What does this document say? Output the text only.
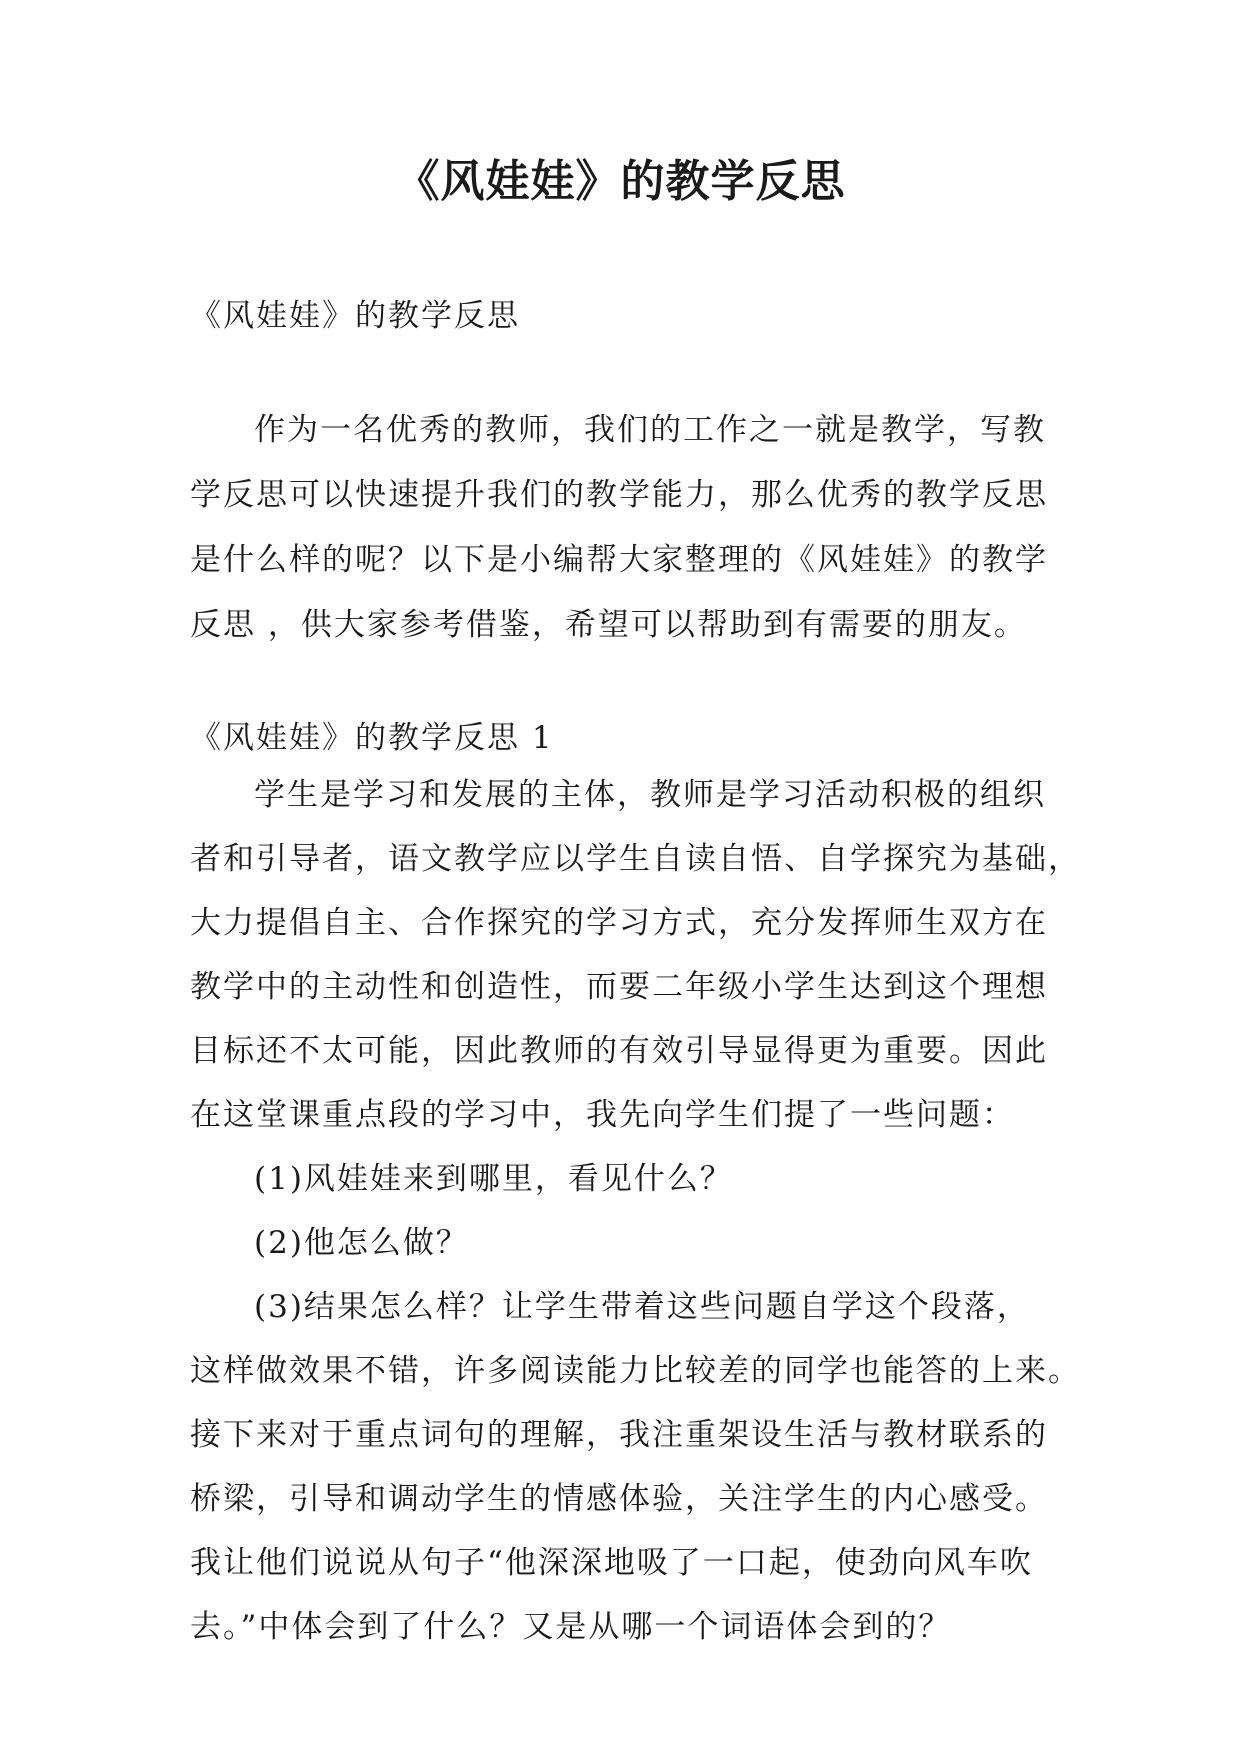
《风娃娃》的教学反思

《风娃娃》的教学反思

作为一名优秀的教师，我们的工作之一就是教学，写教

学反思可以快速提升我们的教学能力，那么优秀的教学反思

是什么样的呢？以下是小编帮大家整理的《风娃娃》的教学

反思 ，供大家参考借鉴，希望可以帮助到有需要的朋友。

《风娃娃》的教学反思 1

学生是学习和发展的主体，教师是学习活动积极的组织

者和引导者，语文教学应以学生自读自悟、自学探究为基础，

大力提倡自主、合作探究的学习方式，充分发挥师生双方在

教学中的主动性和创造性，而要二年级小学生达到这个理想

目标还不太可能，因此教师的有效引导显得更为重要。因此

在这堂课重点段的学习中，我先向学生们提了一些问题：

(1)风娃娃来到哪里，看见什么？

(2)他怎么做？

(3)结果怎么样？让学生带着这些问题自学这个段落，

这样做效果不错，许多阅读能力比较差的同学也能答的上来。

接下来对于重点词句的理解，我注重架设生活与教材联系的

桥梁，引导和调动学生的情感体验，关注学生的内心感受。

我让他们说说从句子“他深深地吸了一口起，使劲向风车吹

去。”中体会到了什么？又是从哪一个词语体会到的？
